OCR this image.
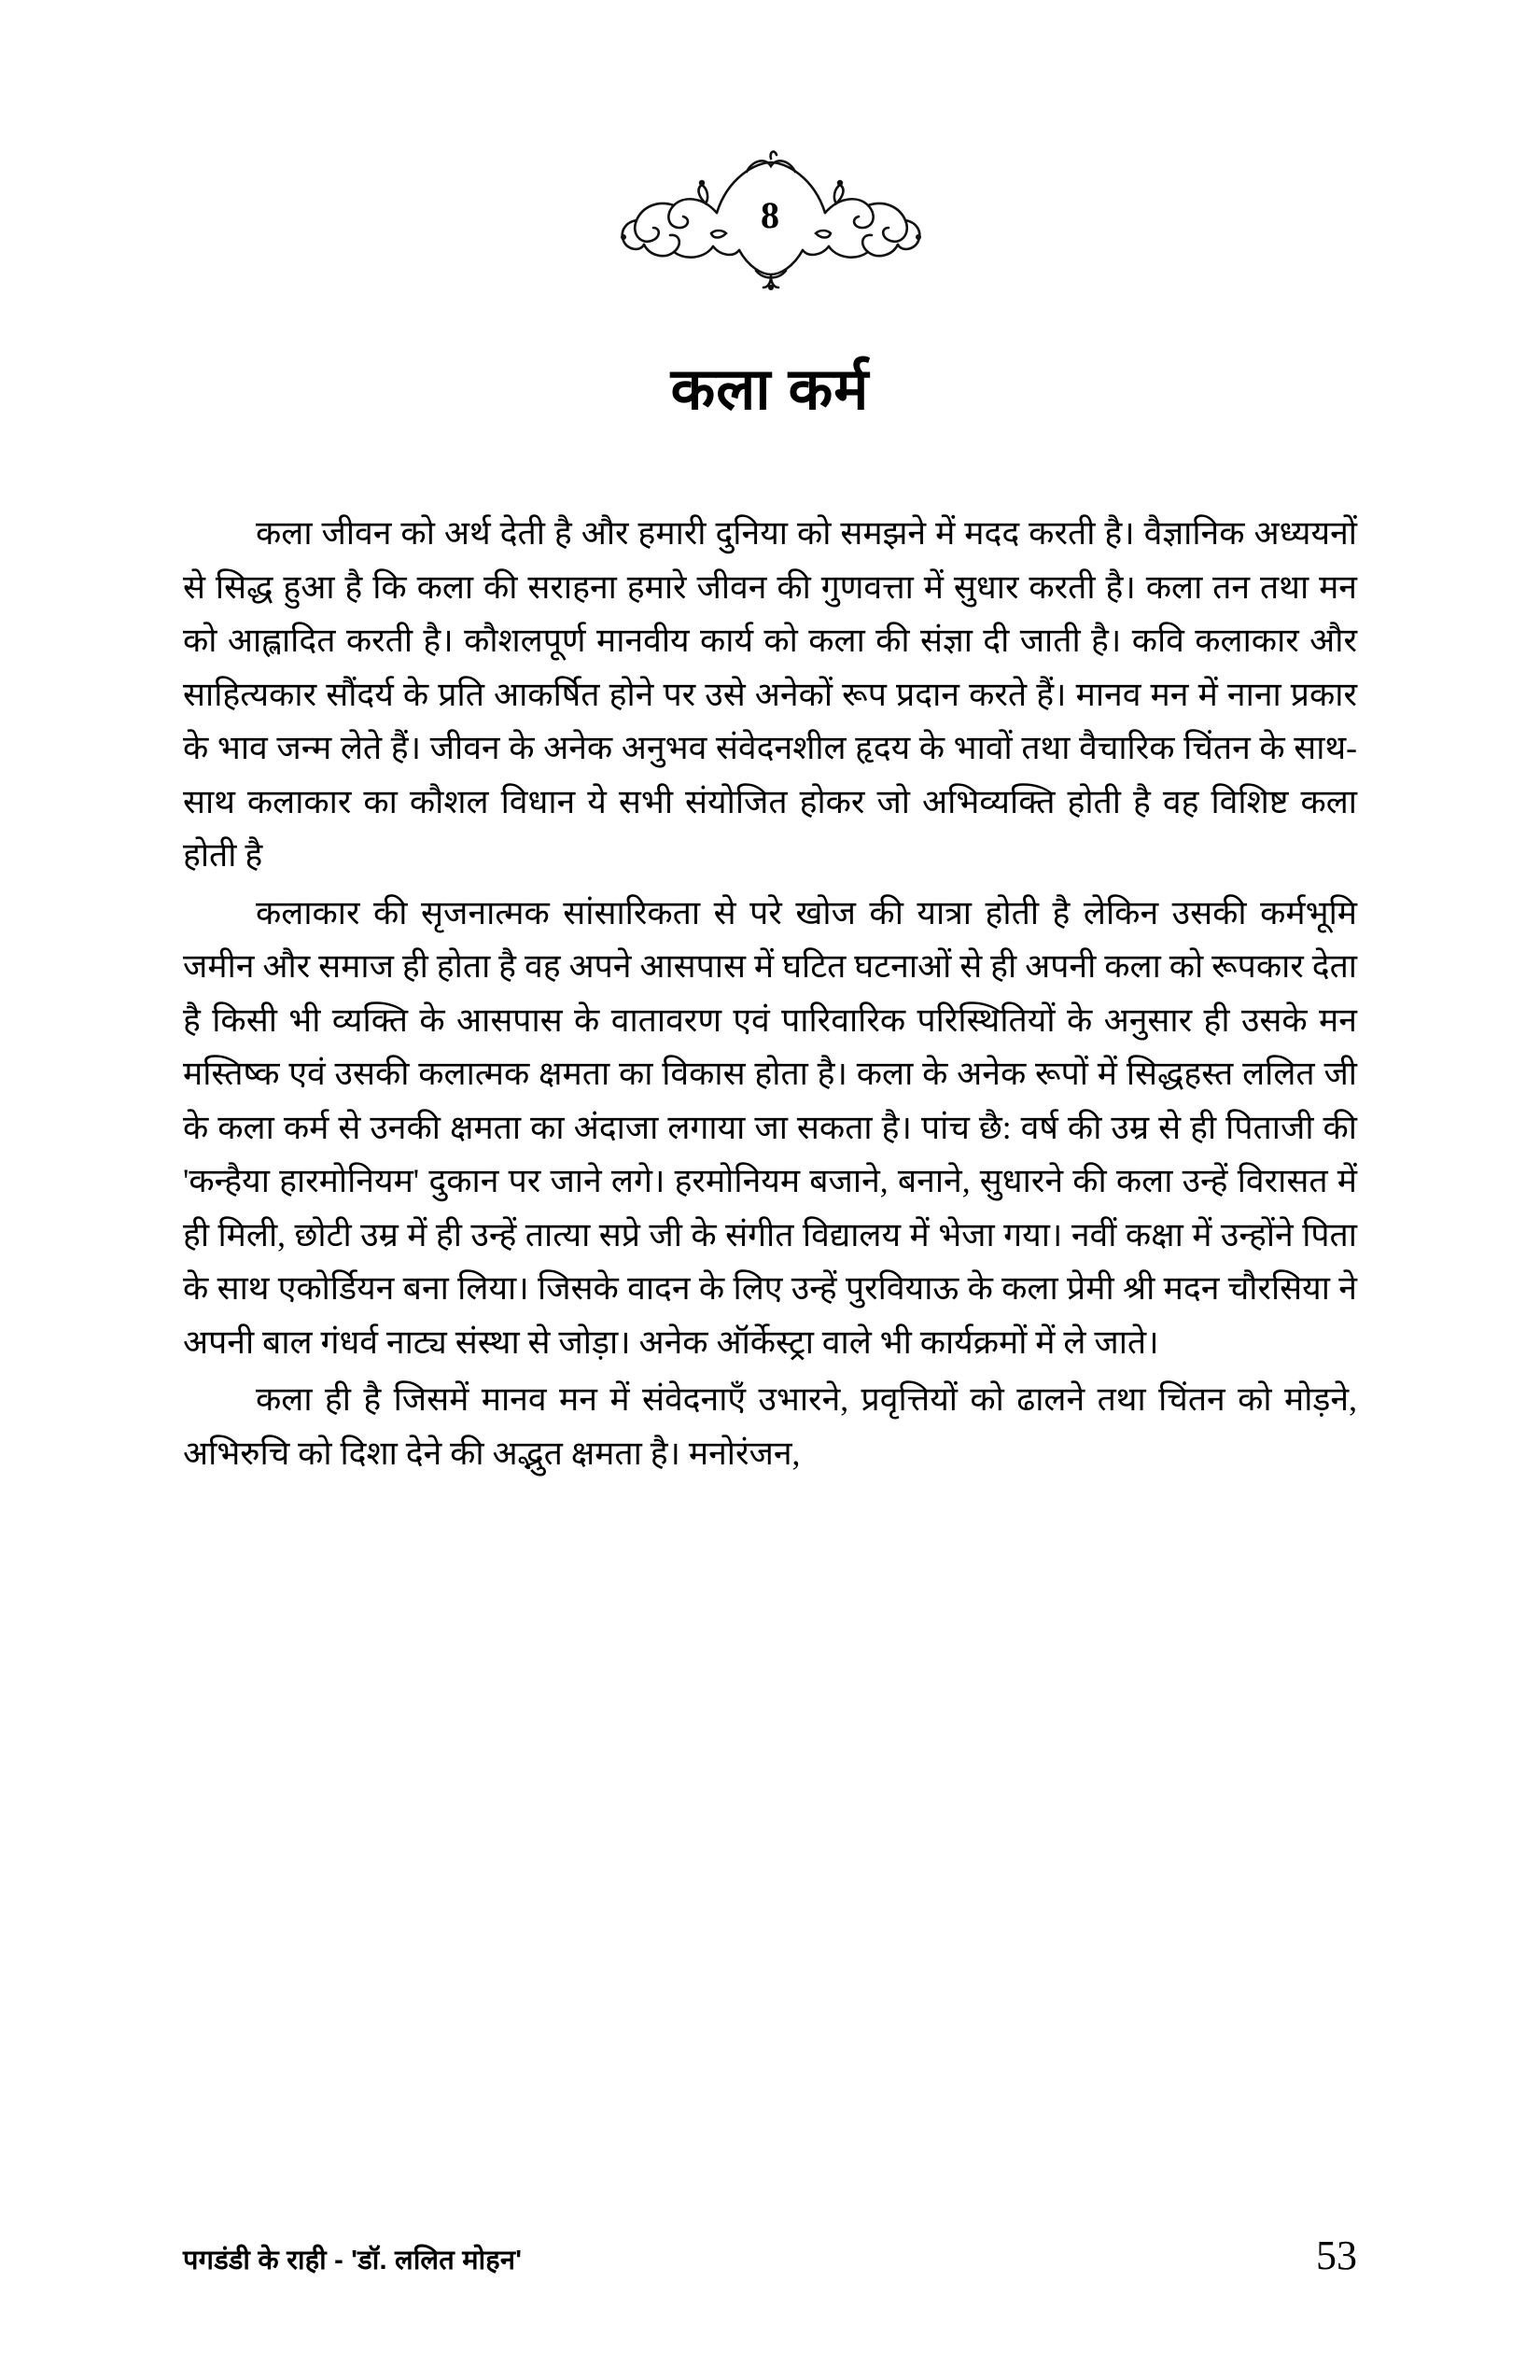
8
कला कर्म

कला जीवन को अर्थ देती है और हमारी दुनिया को समझने में मदद करती है। वैज्ञानिक अध्ययनों से सिद्ध हुआ है कि कला की सराहना हमारे जीवन की गुणवत्ता में सुधार करती है। कला तन तथा मन को आह्लादित करती है। कौशलपूर्ण मानवीय कार्य को कला की संज्ञा दी जाती है। कवि कलाकार और साहित्यकार सौंदर्य के प्रति आकर्षित होने पर उसे अनेकों रूप प्रदान करते हैं। मानव मन में नाना प्रकार के भाव जन्म लेते हैं। जीवन के अनेक अनुभव संवेदनशील हृदय के भावों तथा वैचारिक चिंतन के साथ-साथ कलाकार का कौशल विधान ये सभी संयोजित होकर जो अभिव्यक्ति होती है वह विशिष्ट कला होती है

कलाकार की सृजनात्मक सांसारिकता से परे खोज की यात्रा होती है लेकिन उसकी कर्मभूमि जमीन और समाज ही होता है वह अपने आसपास में घटित घटनाओं से ही अपनी कला को रूपकार देता है किसी भी व्यक्ति के आसपास के वातावरण एवं पारिवारिक परिस्थितियों के अनुसार ही उसके मन मस्तिष्क एवं उसकी कलात्मक क्षमता का विकास होता है। कला के अनेक रूपों में सिद्धहस्त ललित जी के कला कर्म से उनकी क्षमता का अंदाजा लगाया जा सकता है। पांच छै: वर्ष की उम्र से ही पिताजी की 'कन्हैया हारमोनियम' दुकान पर जाने लगे। हरमोनियम बजाने, बनाने, सुधारने की कला उन्हें विरासत में ही मिली, छोटी उम्र में ही उन्हें तात्या सप्रे जी के संगीत विद्यालय में भेजा गया। नवीं कक्षा में उन्होंने पिता के साथ एकोर्डियन बना लिया। जिसके वादन के लिए उन्हें पुरवियाऊ के कला प्रेमी श्री मदन चौरसिया ने अपनी बाल गंधर्व नाट्य संस्था से जोड़ा। अनेक ऑर्केस्ट्रा वाले भी कार्यक्रमों में ले जाते।

कला ही है जिसमें मानव मन में संवेदनाएँ उभारने, प्रवृत्तियों को ढालने तथा चिंतन को मोड़ने, अभिरुचि को दिशा देने की अद्भुत क्षमता है। मनोरंजन,

पगडंडी के राही - 'डॉ. ललित मोहन'	53
